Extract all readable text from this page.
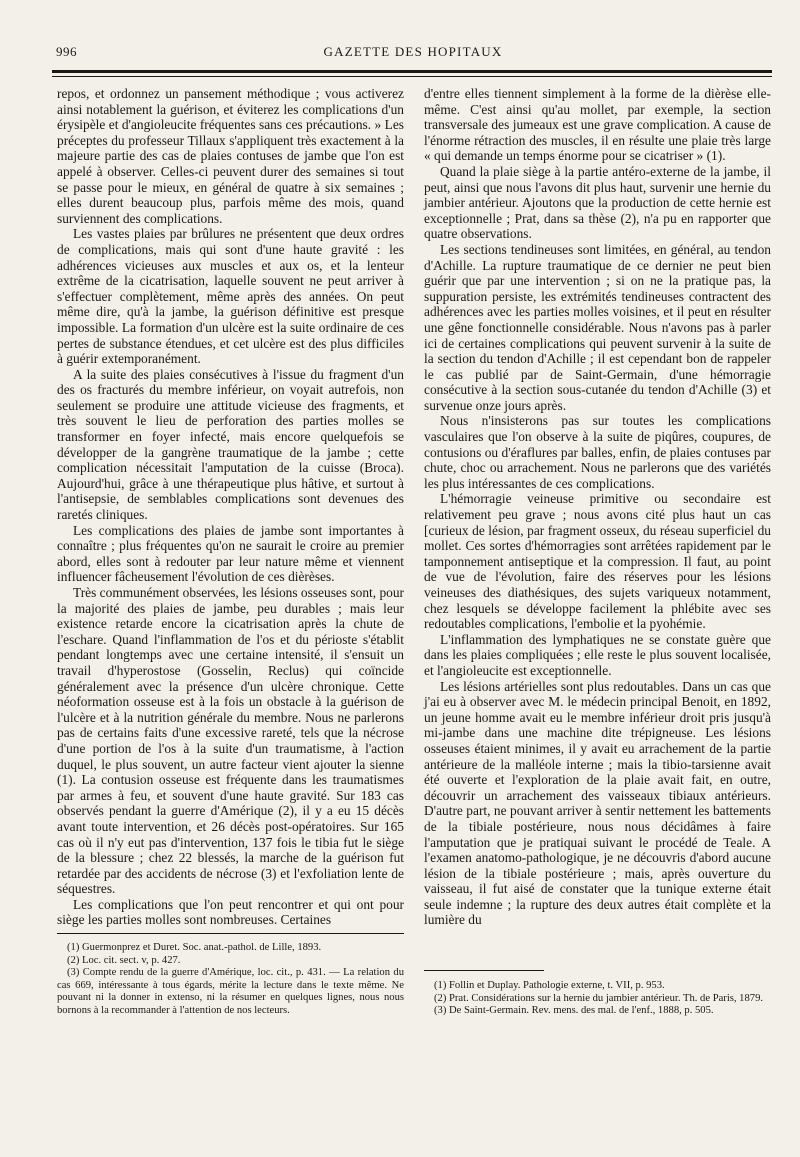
996	GAZETTE DES HOPITAUX

repos, et ordonnez un pansement méthodique ; vous activerez ainsi notablement la guérison, et éviterez les complications d'un érysipèle et d'angioleucite fréquentes sans ces précautions. » Les préceptes du professeur Tillaux s'appliquent très exactement à la majeure partie des cas de plaies contuses de jambe que l'on est appelé à observer. Celles-ci peuvent durer des semaines si tout se passe pour le mieux, en général de quatre à six semaines ; elles durent beaucoup plus, parfois même des mois, quand surviennent des complications.

Les vastes plaies par brûlures ne présentent que deux ordres de complications, mais qui sont d'une haute gravité : les adhérences vicieuses aux muscles et aux os, et la lenteur extrême de la cicatrisation, laquelle souvent ne peut arriver à s'effectuer complètement, même après des années. On peut même dire, qu'à la jambe, la guérison définitive est presque impossible. La formation d'un ulcère est la suite ordinaire de ces pertes de substance étendues, et cet ulcère est des plus difficiles à guérir extemporanément.

A la suite des plaies consécutives à l'issue du fragment d'un des os fracturés du membre inférieur, on voyait autrefois, non seulement se produire une attitude vicieuse des fragments, et très souvent le lieu de perforation des parties molles se transformer en foyer infecté, mais encore quelquefois se développer de la gangrène traumatique de la jambe ; cette complication nécessitait l'amputation de la cuisse (Broca). Aujourd'hui, grâce à une thérapeutique plus hâtive, et surtout à l'antisepsie, de semblables complications sont devenues des raretés cliniques.

Les complications des plaies de jambe sont importantes à connaître ; plus fréquentes qu'on ne saurait le croire au premier abord, elles sont à redouter par leur nature même et viennent influencer fâcheusement l'évolution de ces dièrèses.

Très communément observées, les lésions osseuses sont, pour la majorité des plaies de jambe, peu durables ; mais leur existence retarde encore la cicatrisation après la chute de l'eschare. Quand l'inflammation de l'os et du périoste s'établit pendant longtemps avec une certaine intensité, il s'ensuit un travail d'hyperostose (Gosselin, Reclus) qui coïncide généralement avec la présence d'un ulcère chronique. Cette néoformation osseuse est à la fois un obstacle à la guérison de l'ulcère et à la nutrition générale du membre. Nous ne parlerons pas de certains faits d'une excessive rareté, tels que la nécrose d'une portion de l'os à la suite d'un traumatisme, à l'action duquel, le plus souvent, un autre facteur vient ajouter la sienne (1). La contusion osseuse est fréquente dans les traumatismes par armes à feu, et souvent d'une haute gravité. Sur 183 cas observés pendant la guerre d'Amérique (2), il y a eu 15 décès avant toute intervention, et 26 décès post-opératoires. Sur 165 cas où il n'y eut pas d'intervention, 137 fois le tibia fut le siège de la blessure ; chez 22 blessés, la marche de la guérison fut retardée par des accidents de nécrose (3) et l'exfoliation lente de séquestres.

Les complications que l'on peut rencontrer et qui ont pour siège les parties molles sont nombreuses. Certaines

(1) Guermonprez et Duret. Soc. anat.-pathol. de Lille, 1893.

(2) Loc. cit. sect. v, p. 427.

(3) Compte rendu de la guerre d'Amérique, loc. cit., p. 431. — La relation du cas 669, intéressante à tous égards, mérite la lecture dans le texte même. Ne pouvant ni la donner in extenso, ni la résumer en quelques lignes, nous nous bornons à la recommander à l'attention de nos lecteurs.

d'entre elles tiennent simplement à la forme de la dièrèse elle-même. C'est ainsi qu'au mollet, par exemple, la section transversale des jumeaux est une grave complication. A cause de l'énorme rétraction des muscles, il en résulte une plaie très large « qui demande un temps énorme pour se cicatriser » (1).

Quand la plaie siège à la partie antéro-externe de la jambe, il peut, ainsi que nous l'avons dit plus haut, survenir une hernie du jambier antérieur. Ajoutons que la production de cette hernie est exceptionnelle ; Prat, dans sa thèse (2), n'a pu en rapporter que quatre observations.

Les sections tendineuses sont limitées, en général, au tendon d'Achille. La rupture traumatique de ce dernier ne peut bien guérir que par une intervention ; si on ne la pratique pas, la suppuration persiste, les extrémités tendineuses contractent des adhérences avec les parties molles voisines, et il peut en résulter une gêne fonctionnelle considérable. Nous n'avons pas à parler ici de certaines complications qui peuvent survenir à la suite de la section du tendon d'Achille ; il est cependant bon de rappeler le cas publié par de Saint-Germain, d'une hémorragie consécutive à la section sous-cutanée du tendon d'Achille (3) et survenue onze jours après.

Nous n'insisterons pas sur toutes les complications vasculaires que l'on observe à la suite de piqûres, coupures, de contusions ou d'éraflures par balles, enfin, de plaies contuses par chute, choc ou arrachement. Nous ne parlerons que des variétés les plus intéressantes de ces complications.

L'hémorragie veineuse primitive ou secondaire est relativement peu grave ; nous avons cité plus haut un cas [curieux de lésion, par fragment osseux, du réseau superficiel du mollet. Ces sortes d'hémorragies sont arrêtées rapidement par le tamponnement antiseptique et la compression. Il faut, au point de vue de l'évolution, faire des réserves pour les lésions veineuses des diathésiques, des sujets variqueux notamment, chez lesquels se développe facilement la phlébite avec ses redoutables complications, l'embolie et la pyohémie.

L'inflammation des lymphatiques ne se constate guère que dans les plaies compliquées ; elle reste le plus souvent localisée, et l'angioleucite est exceptionnelle.

Les lésions artérielles sont plus redoutables. Dans un cas que j'ai eu à observer avec M. le médecin principal Benoit, en 1892, un jeune homme avait eu le membre inférieur droit pris jusqu'à mi-jambe dans une machine dite trépigneuse. Les lésions osseuses étaient minimes, il y avait eu arrachement de la partie antérieure de la malléole interne ; mais la tibio-tarsienne avait été ouverte et l'exploration de la plaie avait fait, en outre, découvrir un arrachement des vaisseaux tibiaux antérieurs. D'autre part, ne pouvant arriver à sentir nettement les battements de la tibiale postérieure, nous nous décidâmes à faire l'amputation que je pratiquai suivant le procédé de Teale. A l'examen anatomo-pathologique, je ne découvris d'abord aucune lésion de la tibiale postérieure ; mais, après ouverture du vaisseau, il fut aisé de constater que la tunique externe était seule indemne ; la rupture des deux autres était complète et la lumière du

(1) Follin et Duplay. Pathologie externe, t. VII, p. 953.

(2) Prat. Considérations sur la hernie du jambier antérieur. Th. de Paris, 1879.

(3) De Saint-Germain. Rev. mens. des mal. de l'enf., 1888, p. 505.
